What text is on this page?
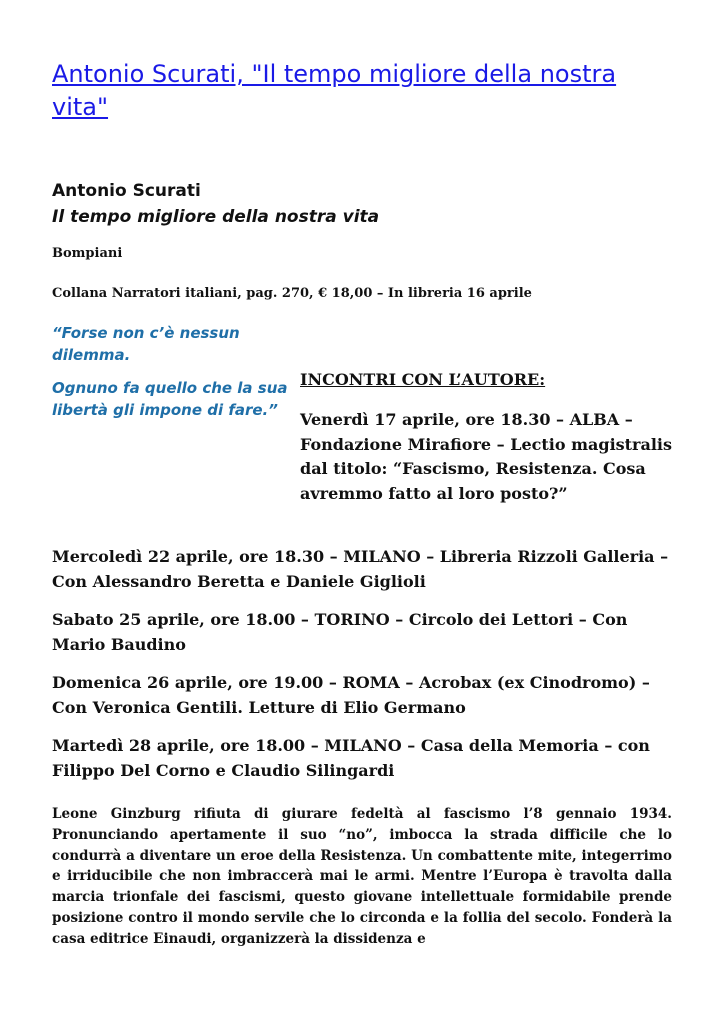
Antonio Scurati, "Il tempo migliore della nostra vita"
Antonio Scurati
Il tempo migliore della nostra vita
Bompiani
Collana Narratori italiani, pag. 270, € 18,00 – In libreria 16 aprile

“Forse non c’è nessun dilemma.

Ognuno fa quello che la sua libertà gli impone di fare.”

INCONTRI CON L’AUTORE:
Venerdì 17 aprile, ore 18.30 – ALBA – Fondazione Mirafiore – Lectio magistralis dal titolo: “Fascismo, Resistenza. Cosa avremmo fatto al loro posto?”

Mercoledì 22 aprile, ore 18.30 – MILANO – Libreria Rizzoli Galleria – Con Alessandro Beretta e Daniele Giglioli

Sabato 25 aprile, ore 18.00 – TORINO – Circolo dei Lettori – Con Mario Baudino

Domenica 26 aprile, ore 19.00 – ROMA – Acrobax (ex Cinodromo) – Con Veronica Gentili. Letture di Elio Germano

Martedì 28 aprile, ore 18.00 – MILANO – Casa della Memoria – con Filippo Del Corno e Claudio Silingardi

Leone Ginzburg rifiuta di giurare fedeltà al fascismo l’8 gennaio 1934. Pronunciando apertamente il suo “no”, imbocca la strada difficile che lo condurrà a diventare un eroe della Resistenza. Un combattente mite, integerrimo e irriducibile che non imbraccerà mai le armi. Mentre l’Europa è travolta dalla marcia trionfale dei fascismi, questo giovane intellettuale formidabile prende posizione contro il mondo servile che lo circonda e la follia del secolo. Fonderà la casa editrice Einaudi, organizzerà la dissidenza e
